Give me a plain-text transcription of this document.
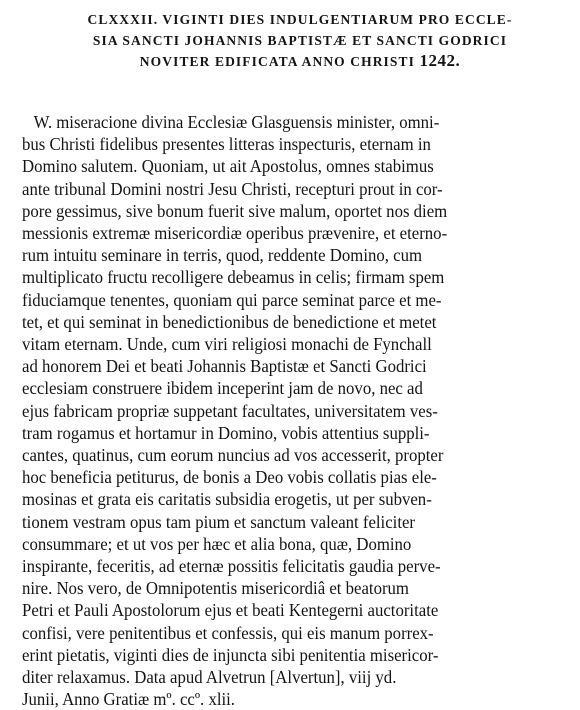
CLXXXII. VIGINTI DIES INDULGENTIARUM PRO ECCLE-
SIA SANCTI JOHANNIS BAPTISTÆ ET SANCTI GODRICI
NOVITER EDIFICATA ANNO CHRISTI 1242.
W. miseracione divina Ecclesiæ Glasguensis minister, omni-
bus Christi fidelibus presentes litteras inspecturis, eternam in
Domino salutem. Quoniam, ut ait Apostolus, omnes stabimus
ante tribunal Domini nostri Jesu Christi, recepturi prout in cor-
pore gessimus, sive bonum fuerit sive malum, oportet nos diem
messionis extremæ misericordiæ operibus prævenire, et eterno-
rum intuitu seminare in terris, quod, reddente Domino, cum
multiplicato fructu recolligere debeamus in celis; firmam spem
fiduciamque tenentes, quoniam qui parce seminat parce et me-
tet, et qui seminat in benedictionibus de benedictione et metet
vitam eternam. Unde, cum viri religiosi monachi de Fynchall
ad honorem Dei et beati Johannis Baptistæ et Sancti Godrici
ecclesiam construere ibidem inceperint jam de novo, nec ad
ejus fabricam propriæ suppetant facultates, universitatem ves-
tram rogamus et hortamur in Domino, vobis attentius suppli-
cantes, quatinus, cum eorum nuncius ad vos accesserit, propter
hoc beneficia petiturus, de bonis a Deo vobis collatis pias ele-
mosinas et grata eis caritatis subsidia erogetis, ut per subven-
tionem vestram opus tam pium et sanctum valeant feliciter
consummare; et ut vos per hæc et alia bona, quæ, Domino
inspirante, feceritis, ad eternæ possitis felicitatis gaudia perve-
nire. Nos vero, de Omnipotentis misericordiâ et beatorum
Petri et Pauli Apostolorum ejus et beati Kentegerni auctoritate
confisi, vere penitentibus et confessis, qui eis manum porrex-
erint pietatis, viginti dies de injuncta sibi penitentia misericor-
diter relaxamus. Data apud Alvetrun [Alvertun], viij yd.
Junii, Anno Gratiæ mº. ccº. xlii.
